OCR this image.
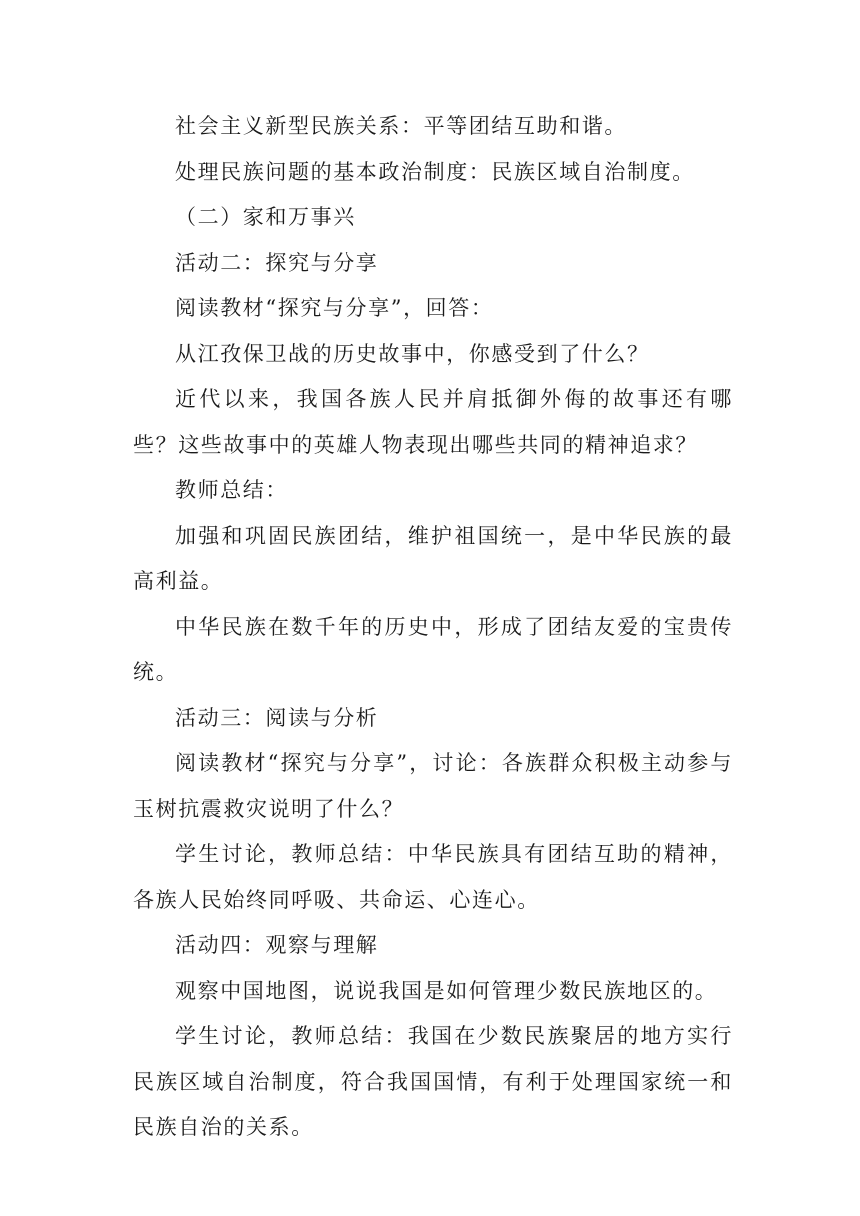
社会主义新型民族关系：平等团结互助和谐。

处理民族问题的基本政治制度：民族区域自治制度。

（二）家和万事兴

活动二：探究与分享

阅读教材“探究与分享”，回答：

从江孜保卫战的历史故事中，你感受到了什么？

近代以来，我国各族人民并肩抵御外侮的故事还有哪些？这些故事中的英雄人物表现出哪些共同的精神追求？

教师总结：

加强和巩固民族团结，维护祖国统一，是中华民族的最高利益。

中华民族在数千年的历史中，形成了团结友爱的宝贵传统。

活动三：阅读与分析

阅读教材“探究与分享”，讨论：各族群众积极主动参与玉树抗震救灾说明了什么？

学生讨论，教师总结：中华民族具有团结互助的精神，各族人民始终同呼吸、共命运、心连心。

活动四：观察与理解

观察中国地图，说说我国是如何管理少数民族地区的。

学生讨论，教师总结：我国在少数民族聚居的地方实行民族区域自治制度，符合我国国情，有利于处理国家统一和民族自治的关系。
